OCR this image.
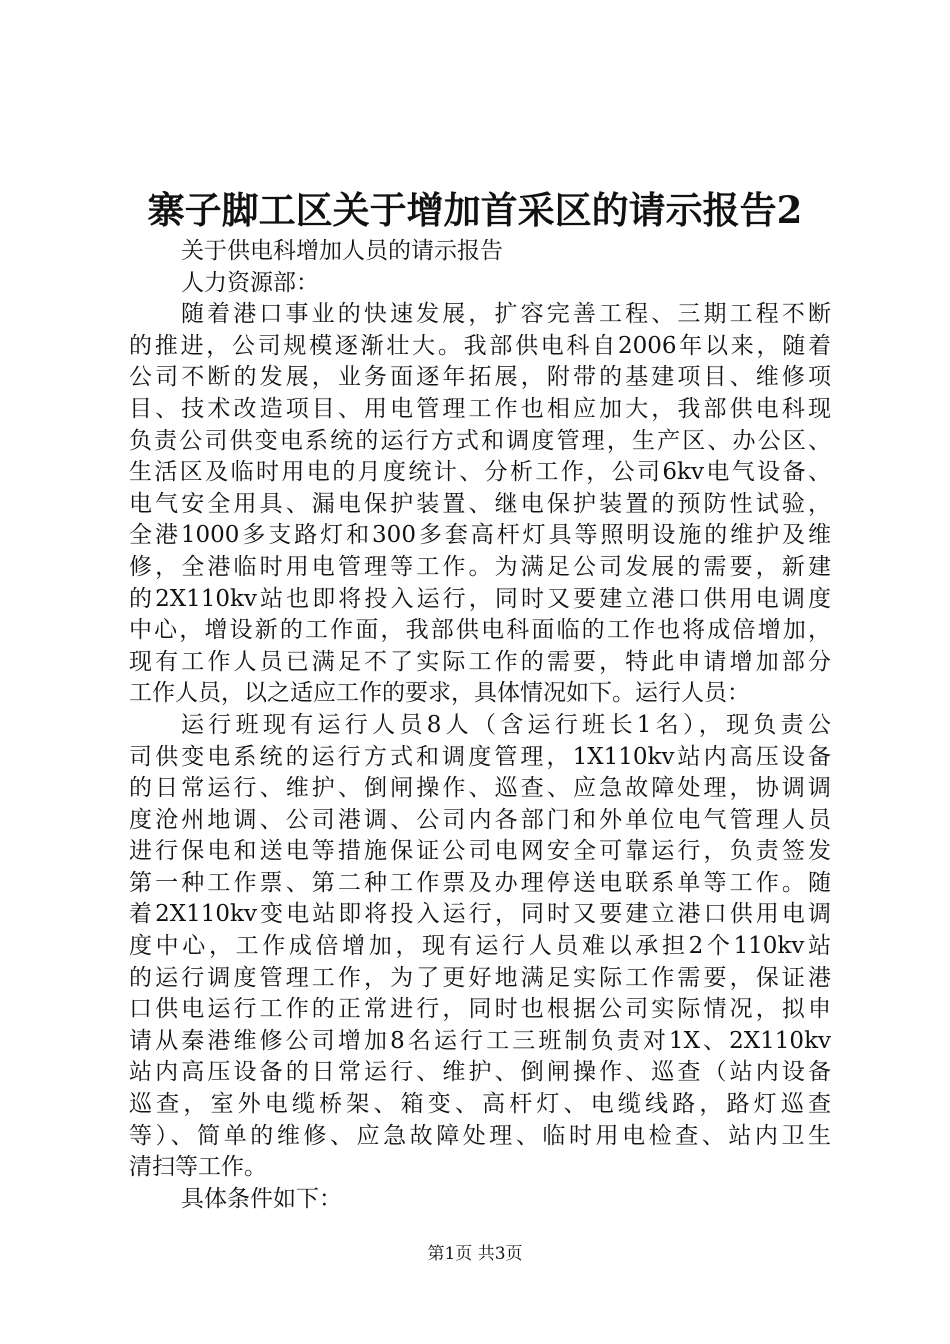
寨子脚工区关于增加首采区的请示报告2
关于供电科增加人员的请示报告
人力资源部：
随着港口事业的快速发展，扩容完善工程、三期工程不断
的推进，公司规模逐渐壮大。我部供电科自2006年以来，随着
公司不断的发展，业务面逐年拓展，附带的基建项目、维修项
目、技术改造项目、用电管理工作也相应加大，我部供电科现
负责公司供变电系统的运行方式和调度管理，生产区、办公区、
生活区及临时用电的月度统计、分析工作，公司6kv电气设备、
电气安全用具、漏电保护装置、继电保护装置的预防性试验，
全港1000多支路灯和300多套高杆灯具等照明设施的维护及维
修，全港临时用电管理等工作。为满足公司发展的需要，新建
的2X110kv站也即将投入运行，同时又要建立港口供用电调度
中心，增设新的工作面，我部供电科面临的工作也将成倍增加，
现有工作人员已满足不了实际工作的需要，特此申请增加部分
工作人员，以之适应工作的要求，具体情况如下。运行人员：
运行班现有运行人员8人（含运行班长1名），现负责公
司供变电系统的运行方式和调度管理，1X110kv站内高压设备
的日常运行、维护、倒闸操作、巡查、应急故障处理，协调调
度沧州地调、公司港调、公司内各部门和外单位电气管理人员
进行保电和送电等措施保证公司电网安全可靠运行，负责签发
第一种工作票、第二种工作票及办理停送电联系单等工作。随
着2X110kv变电站即将投入运行，同时又要建立港口供用电调
度中心，工作成倍增加，现有运行人员难以承担2个110kv站
的运行调度管理工作，为了更好地满足实际工作需要，保证港
口供电运行工作的正常进行，同时也根据公司实际情况，拟申
请从秦港维修公司增加8名运行工三班制负责对1X、2X110kv
站内高压设备的日常运行、维护、倒闸操作、巡查（站内设备
巡查，室外电缆桥架、箱变、高杆灯、电缆线路，路灯巡查
等）、简单的维修、应急故障处理、临时用电检查、站内卫生
清扫等工作。
具体条件如下：
第1页 共3页
